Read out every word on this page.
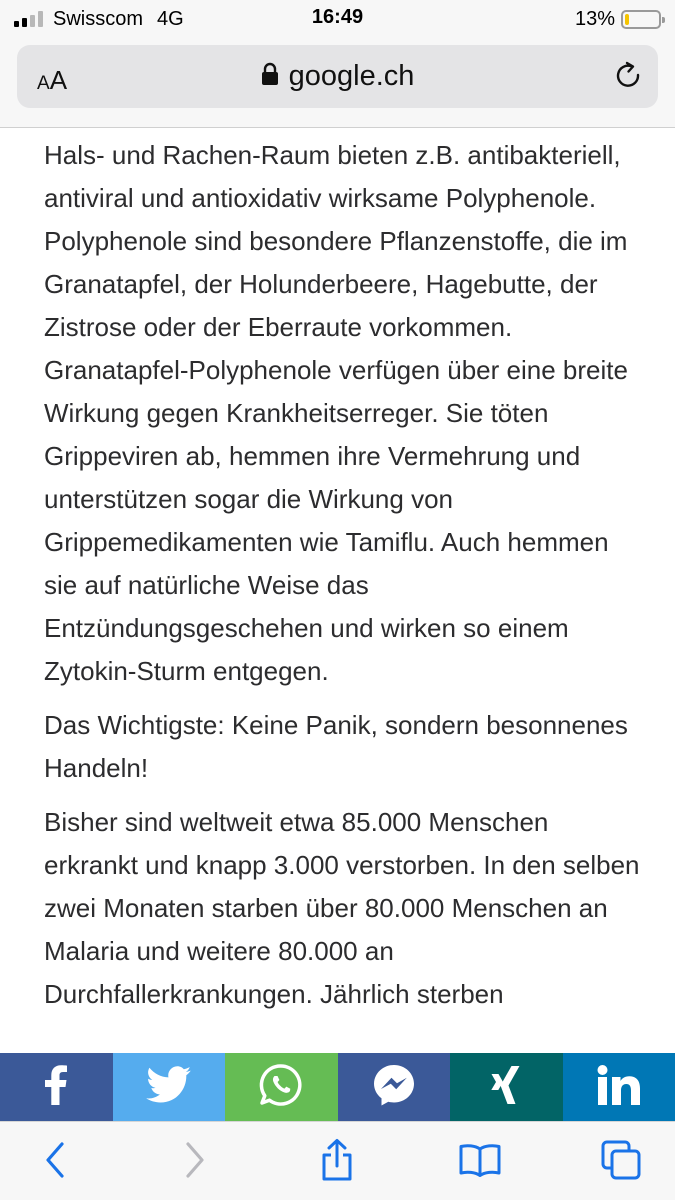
Swisscom 4G	16:49	13%
A A	google.ch

Hals- und Rachen-Raum bieten z.B. antibakteriell, antiviral und antioxidativ wirksame Polyphenole. Polyphenole sind besondere Pflanzenstoffe, die im Granatapfel, der Holunderbeere, Hagebutte, der Zistrose oder der Eberraute vorkommen. Granatapfel-Polyphenole verfügen über eine breite Wirkung gegen Krankheitserreger. Sie töten Grippeviren ab, hemmen ihre Vermehrung und unterstützen sogar die Wirkung von Grippemedikamenten wie Tamiflu. Auch hemmen sie auf natürliche Weise das Entzündungsgeschehen und wirken so einem Zytokin-Sturm entgegen.

Das Wichtigste: Keine Panik, sondern besonnenes Handeln!

Bisher sind weltweit etwa 85.000 Menschen erkrankt und knapp 3.000 verstorben. In den selben zwei Monaten starben über 80.000 Menschen an Malaria und weitere 80.000 an Durchfallerkrankungen. Jährlich sterben
